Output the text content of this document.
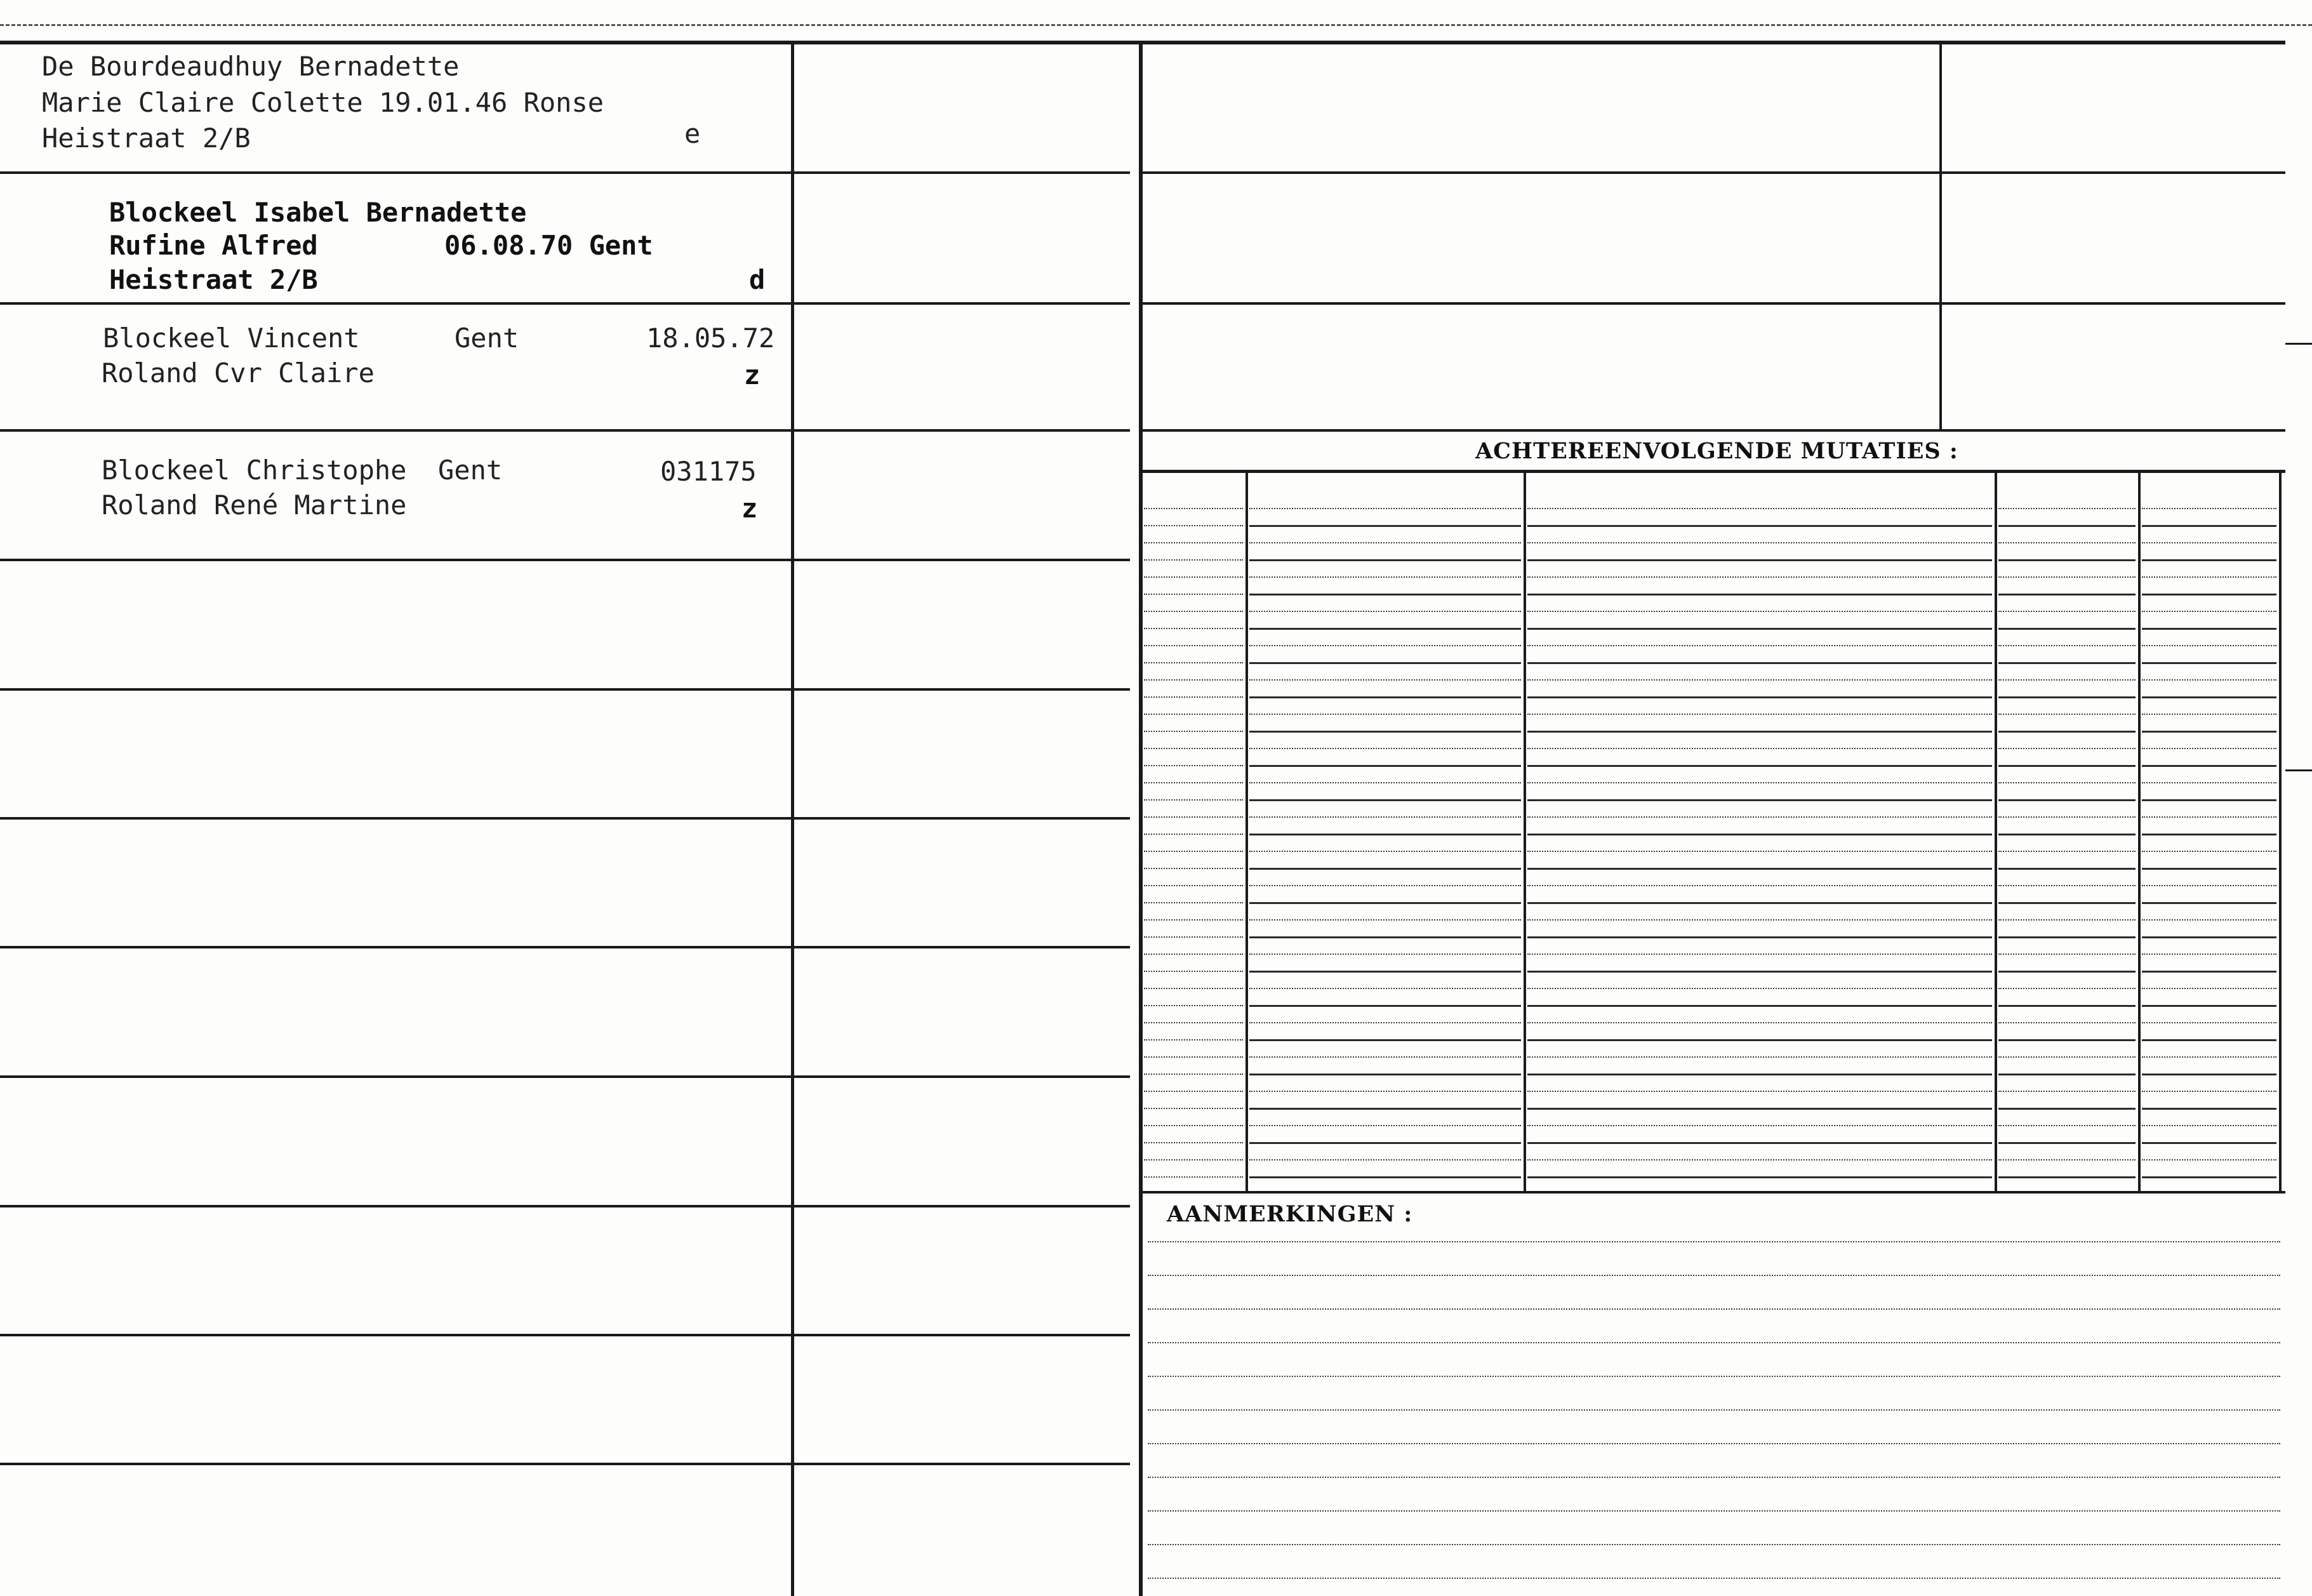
De Bourdeaudhuy Bernadette
Marie Claire Colette 19.01.46 Ronse
Heistraat 2/B	e
Blockeel Isabel Bernadette
Rufine Alfred	06.08.70 Gent
Heistraat 2/B	d
Blockeel Vincent	Gent	18.05.72
Roland Cvr Claire	z
Blockeel Christophe Gent	031175
Roland René Martine	z
ACHTEREENVOLGENDE MUTATIES :
AANMERKINGEN :
